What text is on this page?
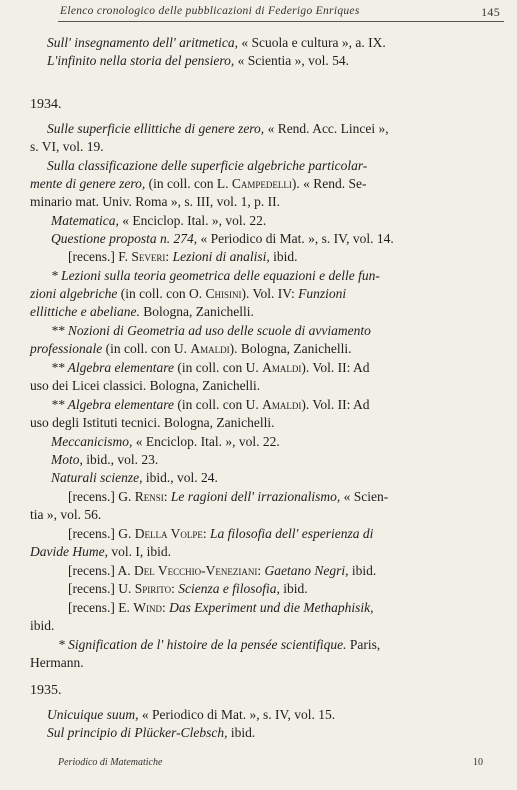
Elenco cronologico delle pubblicazioni di Federigo Enriques	145
Sull' insegnamento dell' aritmetica, « Scuola e cultura », a. IX.
L'infinito nella storia del pensiero, « Scientia », vol. 54.
1934.
Sulle superficie ellittiche di genere zero, « Rend. Acc. Lincei »,
s. VI, vol. 19.
Sulla classificazione delle superficie algebriche particolar-
mente di genere zero, (in coll. con L. Campedelli). « Rend. Se-
minario mat. Univ. Roma », s. III, vol. 1, p. II.
Matematica, « Enciclop. Ital. », vol. 22.
Questione proposta n. 274, « Periodico di Mat. », s. IV, vol. 14.
[recens.] F. Severi: Lezioni di analisi, ibid.
* Lezioni sulla teoria geometrica delle equazioni e delle fun-
zioni algebriche (in coll. con O. Chisini). Vol. IV: Funzioni
ellittiche e abeliane. Bologna, Zanichelli.
** Nozioni di Geometria ad uso delle scuole di avviamento
professionale (in coll. con U. Amaldi). Bologna, Zanichelli.
** Algebra elementare (in coll. con U. Amaldi). Vol. II: Ad
uso dei Licei classici. Bologna, Zanichelli.
** Algebra elementare (in coll. con U. Amaldi). Vol. II: Ad
uso degli Istituti tecnici. Bologna, Zanichelli.
Meccanicismo, « Enciclop. Ital. », vol. 22.
Moto, ibid., vol. 23.
Naturali scienze, ibid., vol. 24.
[recens.] G. Rensi: Le ragioni dell' irrazionalismo, « Scien-
tia », vol. 56.
[recens.] G. Della Volpe: La filosofia dell' esperienza di
Davide Hume, vol. I, ibid.
[recens.] A. Del Vecchio-Veneziani: Gaetano Negri, ibid.
[recens.] U. Spirito: Scienza e filosofia, ibid.
[recens.] E. Wind: Das Experiment und die Methaphisik,
ibid.
* Signification de l' histoire de la pensée scientifique. Paris,
Hermann.
1935.
Unicuique suum, « Periodico di Mat. », s. IV, vol. 15.
Sul principio di Plücker-Clebsch, ibid.
Periodico di Matematiche	10
